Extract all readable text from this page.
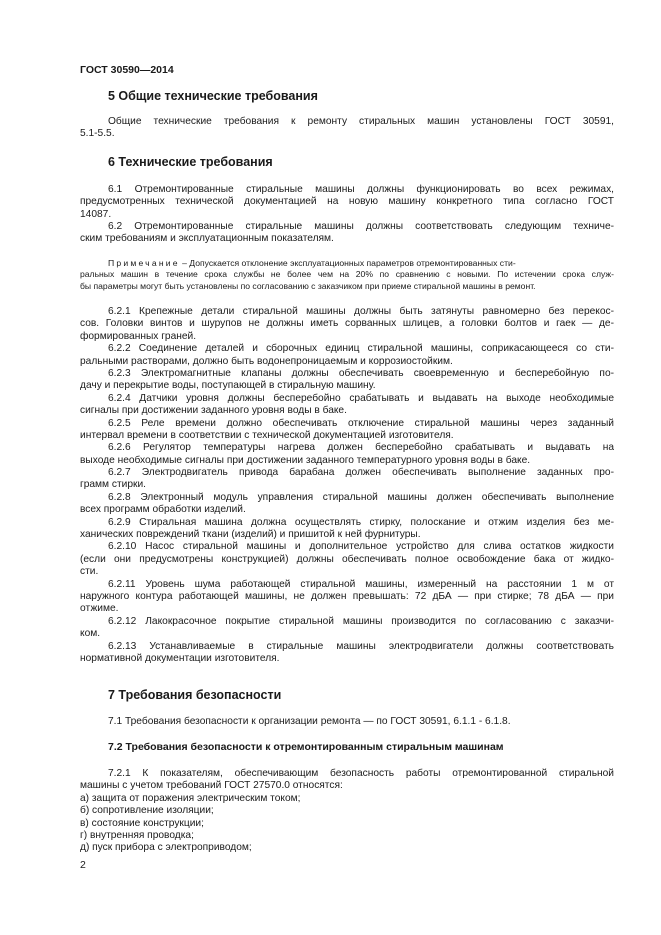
ГОСТ 30590—2014
5 Общие технические требования
Общие технические требования к ремонту стиральных машин установлены ГОСТ 30591,
5.1-5.5.
6 Технические требования
6.1 Отремонтированные стиральные машины должны функционировать во всех режимах,
предусмотренных технической документацией на новую машину конкретного типа согласно ГОСТ
14087.
6.2 Отремонтированные стиральные машины должны соответствовать следующим техниче-
ским требованиям и эксплуатационным показателям.
Примечание – Допускается отклонение эксплуатационных параметров отремонтированных сти-
ральных машин в течение срока службы не более чем на 20% по сравнению с новыми. По истечении срока служ-
бы параметры могут быть установлены по согласованию с заказчиком при приеме стиральной машины в ремонт.
6.2.1 Крепежные детали стиральной машины должны быть затянуты равномерно без перекос-
сов. Головки винтов и шурупов не должны иметь сорванных шлицев, а головки болтов и гаек — де-
формированных граней.
6.2.2 Соединение деталей и сборочных единиц стиральной машины, соприкасающееся со сти-
ральными растворами, должно быть водонепроницаемым и коррозиостойким.
6.2.3 Электромагнитные клапаны должны обеспечивать своевременную и бесперебойную по-
дачу и перекрытие воды, поступающей в стиральную машину.
6.2.4 Датчики уровня должны бесперебойно срабатывать и выдавать на выходе необходимые
сигналы при достижении заданного уровня воды в баке.
6.2.5 Реле времени должно обеспечивать отключение стиральной машины через заданный
интервал времени в соответствии с технической документацией изготовителя.
6.2.6 Регулятор температуры нагрева должен бесперебойно срабатывать и выдавать на
выходе необходимые сигналы при достижении заданного температурного уровня воды в баке.
6.2.7 Электродвигатель привода барабана должен обеспечивать выполнение заданных про-
грамм стирки.
6.2.8 Электронный модуль управления стиральной машины должен обеспечивать выполнение
всех программ обработки изделий.
6.2.9 Стиральная машина должна осуществлять стирку, полоскание и отжим изделия без ме-
ханических повреждений ткани (изделий) и пришитой к ней фурнитуры.
6.2.10 Насос стиральной машины и дополнительное устройство для слива остатков жидкости
(если они предусмотрены конструкцией) должны обеспечивать полное освобождение бака от жидко-
сти.
6.2.11 Уровень шума работающей стиральной машины, измеренный на расстоянии 1 м от
наружного контура работающей машины, не должен превышать: 72 дБА — при стирке; 78 дБА — при
отжиме.
6.2.12 Лакокрасочное покрытие стиральной машины производится по согласованию с заказчи-
ком.
6.2.13 Устанавливаемые в стиральные машины электродвигатели должны соответствовать
нормативной документации изготовителя.
7 Требования безопасности
7.1 Требования безопасности к организации ремонта — по ГОСТ 30591, 6.1.1 - 6.1.8.
7.2 Требования безопасности к отремонтированным стиральным машинам
7.2.1 К показателям, обеспечивающим безопасность работы отремонтированной стиральной
машины с учетом требований ГОСТ 27570.0 относятся:
а) защита от поражения электрическим током;
б) сопротивление изоляции;
в) состояние конструкции;
г) внутренняя проводка;
д) пуск прибора с электроприводом;
2
